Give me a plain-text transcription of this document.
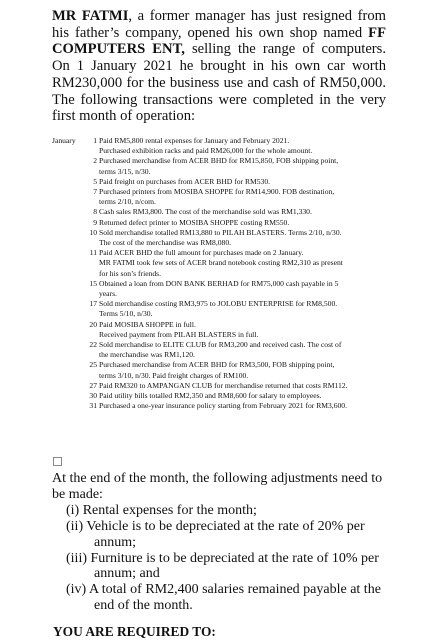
MR FATMI, a former manager has just resigned from his father’s company, opened his own shop named FF COMPUTERS ENT, selling the range of computers. On 1 January 2021 he brought in his own car worth RM230,000 for the business use and cash of RM50,000. The following transactions were completed in the very first month of operation:
January	1 Paid RM5,800 rental expenses for January and February 2021.
Purchased exhibition racks and paid RM26,000 for the whole amount.
2 Purchased merchandise from ACER BHD for RM15,850, FOB shipping point,
terms 3/15, n/30.
5 Paid freight on purchases from ACER BHD for RM530.
7 Purchased printers from MOSIBA SHOPPE for RM14,900. FOB destination,
terms 2/10, n/com.
8 Cash sales RM3,800. The cost of the merchandise sold was RM1,330.
9 Returned defect printer to MOSIBA SHOPPE costing RM550.
10 Sold merchandise totalled RM13,880 to PILAH BLASTERS. Terms 2/10, n/30.
The cost of the merchandise was RM8,080.
11 Paid ACER BHD the full amount for purchases made on 2 January.
MR FATMI took few sets of ACER brand notebook costing RM2,310 as present
for his son’s friends.
15 Obtained a loan from DON BANK BERHAD for RM75,000 cash payable in 5
years.
17 Sold merchandise costing RM3,975 to JOLOBU ENTERPRISE for RM8,500.
Terms 5/10, n/30.
20 Paid MOSIBA SHOPPE in full.
Received payment from PILAH BLASTERS in full.
22 Sold merchandise to ELITE CLUB for RM3,200 and received cash. The cost of
the merchandise was RM1,120.
25 Purchased merchandise from ACER BHD for RM3,500, FOB shipping point,
terms 3/10, n/30. Paid freight charges of RM100.
27 Paid RM320 to AMPANGAN CLUB for merchandise returned that costs RM112.
30 Paid utility bills totalled RM2,350 and RM8,600 for salary to employees.
31 Purchased a one-year insurance policy starting from February 2021 for RM3,600.
At the end of the month, the following adjustments need to be made:
(i) Rental expenses for the month;
(ii) Vehicle is to be depreciated at the rate of 20% per
annum;
(iii) Furniture is to be depreciated at the rate of 10% per
annum; and
(iv) A total of RM2,400 salaries remained payable at the
end of the month.
YOU ARE REQUIRED TO:
